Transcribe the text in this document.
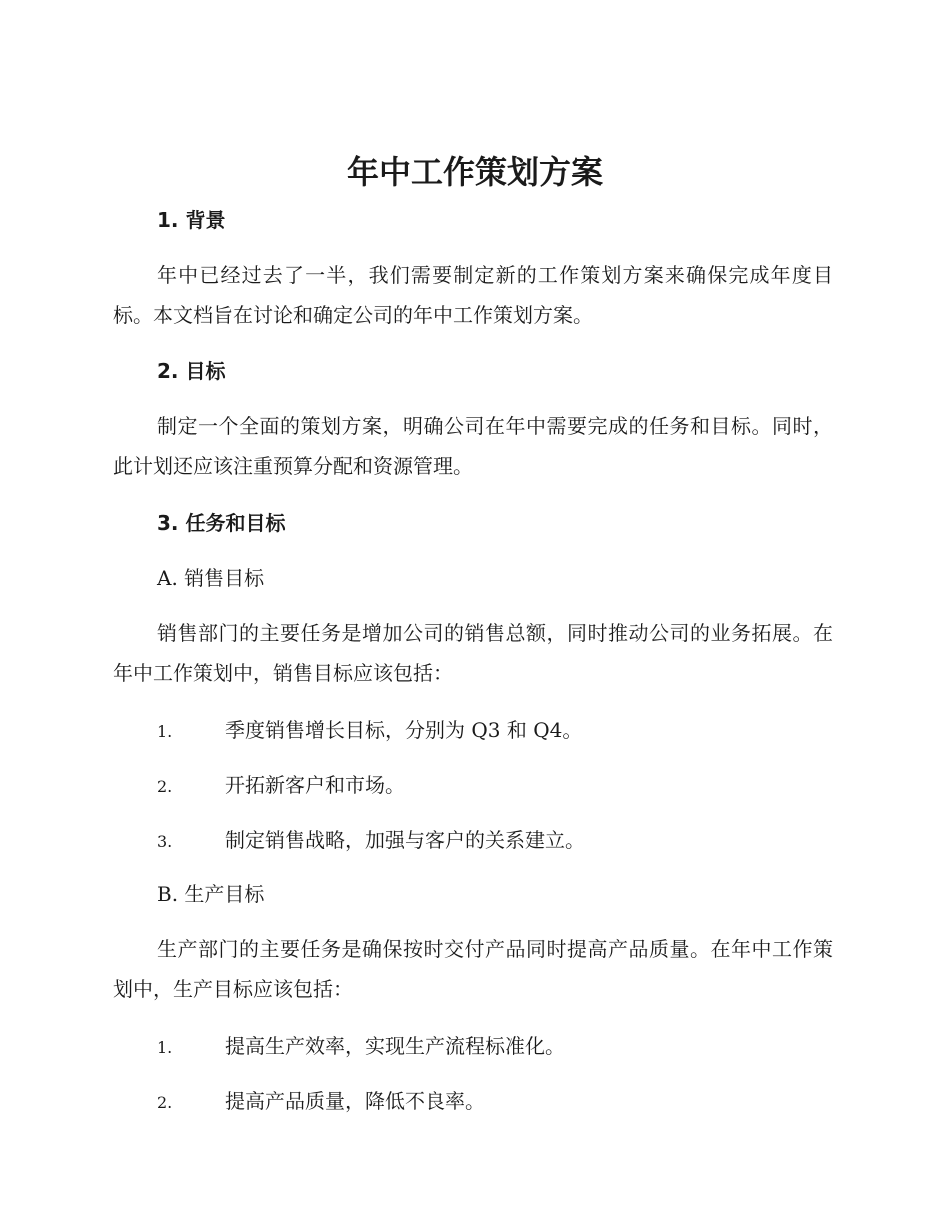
年中工作策划方案
1. 背景

年中已经过去了一半，我们需要制定新的工作策划方案来确保完成年度目标。本文档旨在讨论和确定公司的年中工作策划方案。

2. 目标

制定一个全面的策划方案，明确公司在年中需要完成的任务和目标。同时，此计划还应该注重预算分配和资源管理。

3. 任务和目标

A. 销售目标

销售部门的主要任务是增加公司的销售总额，同时推动公司的业务拓展。在年中工作策划中，销售目标应该包括：

1.	季度销售增长目标，分别为 Q3 和 Q4。
2.	开拓新客户和市场。
3.	制定销售战略，加强与客户的关系建立。

B. 生产目标

生产部门的主要任务是确保按时交付产品同时提高产品质量。在年中工作策划中，生产目标应该包括：

1.	提高生产效率，实现生产流程标准化。
2.	提高产品质量，降低不良率。
